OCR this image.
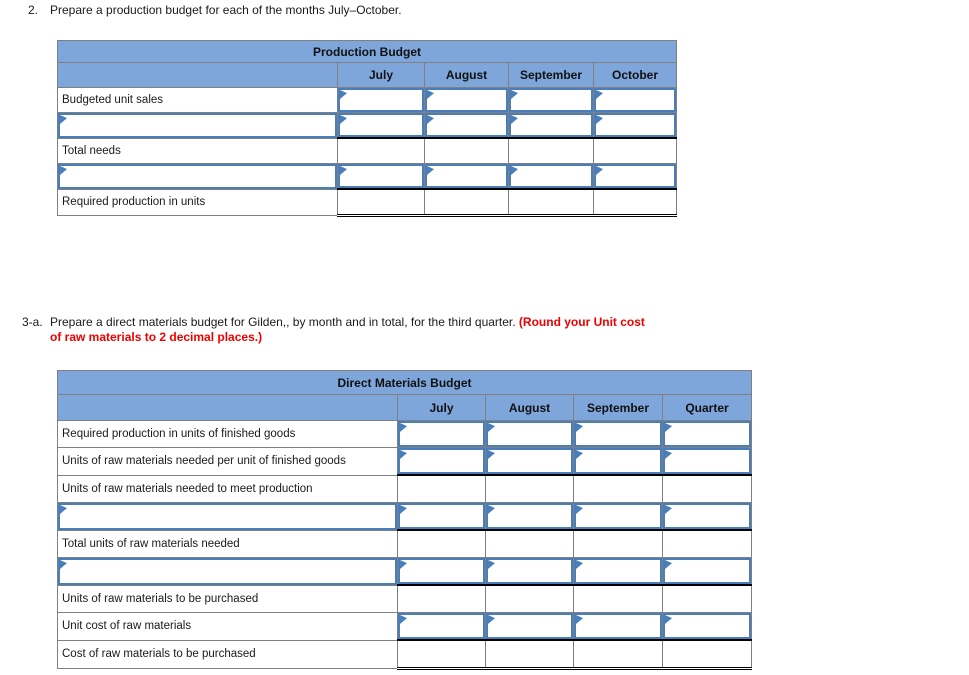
2. Prepare a production budget for each of the months July–October.
Production Budget				
	July	August	September	October
Budgeted unit sales	

Total needs				

Required production in units				
3-a. Prepare a direct materials budget for Gilden,, by month and in total, for the third quarter. (Round your Unit cost of raw materials to 2 decimal places.)
Direct Materials Budget				
	July	August	September	Quarter
Required production in units of finished goods	

Units of raw materials needed per unit of finished goods	

Units of raw materials needed to meet production				

Total units of raw materials needed				

Units of raw materials to be purchased				
Unit cost of raw materials	

Cost of raw materials to be purchased				
